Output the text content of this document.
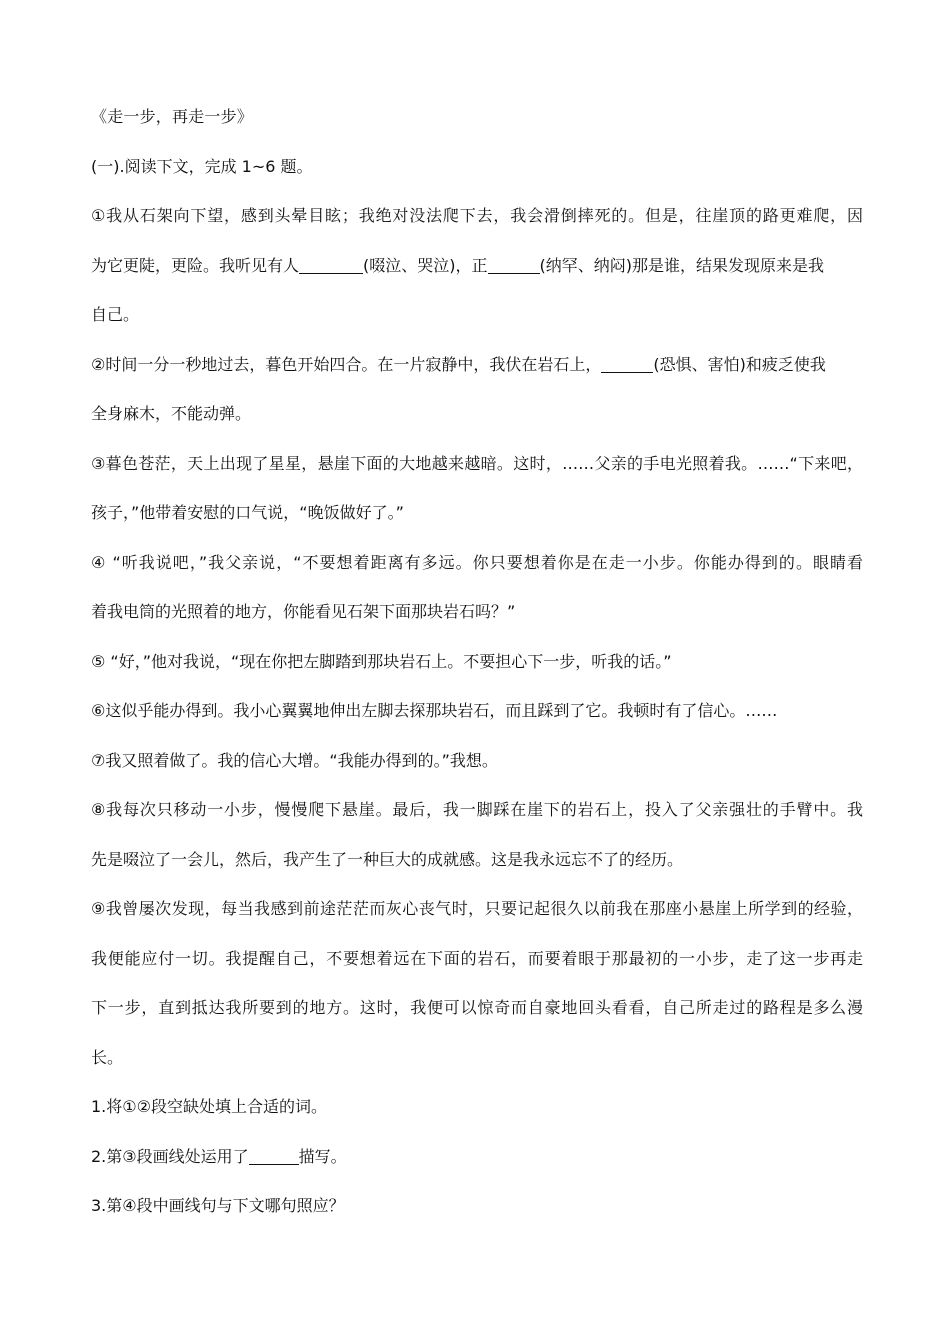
《走一步，再走一步》
(一).阅读下文，完成 1~6 题。
①我从石架向下望，感到头晕目眩；我绝对没法爬下去，我会滑倒摔死的。但是，往崖顶的路更难爬，因
为它更陡，更险。我听见有人	(啜泣、哭泣)，正	(纳罕、纳闷)那是谁，结果发现原来是我
自己。
②时间一分一秒地过去，暮色开始四合。在一片寂静中，我伏在岩石上，	(恐惧、害怕)和疲乏使我
全身麻木，不能动弹。
③暮色苍茫，天上出现了星星，悬崖下面的大地越来越暗。这时，……父亲的手电光照着我。……“下来吧，
孩子，”他带着安慰的口气说，“晚饭做好了。”
④ “听我说吧，”我父亲说，“不要想着距离有多远。你只要想着你是在走一小步。你能办得到的。眼睛看
着我电筒的光照着的地方，你能看见石架下面那块岩石吗？”
⑤ “好，”他对我说，“现在你把左脚踏到那块岩石上。不要担心下一步，听我的话。”
⑥这似乎能办得到。我小心翼翼地伸出左脚去探那块岩石，而且踩到了它。我顿时有了信心。……
⑦我又照着做了。我的信心大增。“我能办得到的。”我想。
⑧我每次只移动一小步，慢慢爬下悬崖。最后，我一脚踩在崖下的岩石上，投入了父亲强壮的手臂中。我
先是啜泣了一会儿，然后，我产生了一种巨大的成就感。这是我永远忘不了的经历。
⑨我曾屡次发现，每当我感到前途茫茫而灰心丧气时，只要记起很久以前我在那座小悬崖上所学到的经验，
我便能应付一切。我提醒自己，不要想着远在下面的岩石，而要着眼于那最初的一小步，走了这一步再走
下一步，直到抵达我所要到的地方。这时，我便可以惊奇而自豪地回头看看，自己所走过的路程是多么漫
长。
1.将①②段空缺处填上合适的词。
2.第③段画线处运用了	描写。
3.第④段中画线句与下文哪句照应？
